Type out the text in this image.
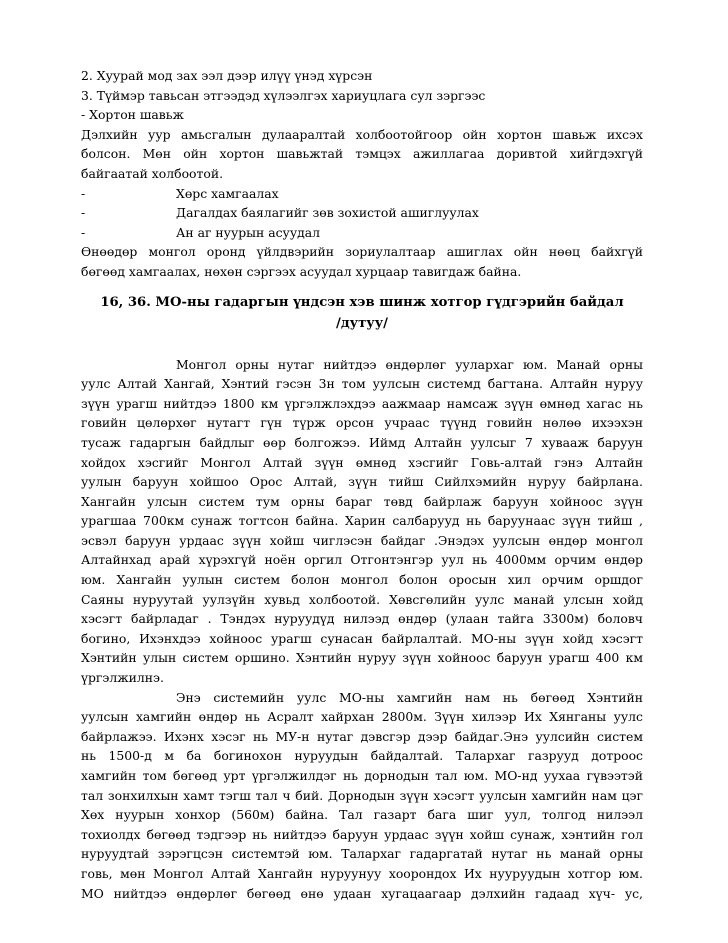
2. Хуурай мод зах ээл дээр илүү үнэд хүрсэн
3. Түймэр тавьсан этгээдэд хүлээлгэх хариуцлага сул зэргээс
- Хортон шавьж
Дэлхийн уур амьсгалын дулааралтай холбоотойгоор ойн хортон шавьж ихсэх
болсон. Мөн ойн хортон шавьжтай тэмцэх ажиллагаа доривтой хийгдэхгүй
байгаатай холбоотой.
-	Хөрс хамгаалах
-	Дагалдах баялагийг зөв зохистой ашиглуулах
-	Ан аг нуурын асуудал
Өнөөдөр монгол оронд үйлдвэрийн зориулалтаар ашиглах ойн нөөц байхгүй
бөгөөд хамгаалах, нөхөн сэргээх асуудал хурцаар тавигдаж байна.
16, 36. МО-ны гадаргын үндсэн хэв шинж хотгор гүдгэрийн байдал
/дутуу/
Монгол орны нутаг нийтдээ өндөрлөг уулархаг юм. Манай орны
уулс Алтай Хангай, Хэнтий гэсэн 3н том уулсын системд багтана. Алтайн нуруу
зүүн урагш нийтдээ 1800 км үргэлжлэхдээ аажмаар намсаж зүүн өмнөд хагас нь
говийн цөлөрхөг нутагт гүн түрж орсон учраас түүнд говийн нөлөө ихээхэн
тусаж гадаргын байдлыг өөр болгожээ. Иймд Алтайн уулсыг 7 хувааж баруун
хойдох хэсгийг Монгол Алтай зүүн өмнөд хэсгийг Говь-алтай гэнэ Алтайн
уулын баруун хойшоо Орос Алтай, зүүн тийш Сийлхэмийн нуруу байрлана.
Хангайн улсын систем тум орны бараг төвд байрлаж баруун хойноос зүүн
урагшаа 700км сунаж тогтсон байна. Харин салбарууд нь баруунаас зүүн тийш ,
эсвэл баруун урдаас зүүн хойш чиглэсэн байдаг .Энэдэх уулсын өндөр монгол
Алтайнхад арай хүрэхгүй ноён оргил Отгонтэнгэр уул нь 4000мм орчим өндөр
юм. Хангайн уулын систем болон монгол болон оросын хил орчим оршдог
Саяны нуруутай уулзүйн хувьд холбоотой. Хөвсгөлийн уулс манай улсын хойд
хэсэгт байрладаг . Тэндэх нуруудүд нилээд өндөр (улаан тайга 3300м) боловч
богино, Ихэнхдээ хойноос урагш сунасан байрлалтай. МО-ны зүүн хойд хэсэгт
Хэнтийн улын систем оршино. Хэнтийн нуруу зүүн хойноос баруун урагш 400 км
үргэлжилнэ.
Энэ системийн уулс МО-ны хамгийн нам нь бөгөөд Хэнтийн
уулсын хамгийн өндөр нь Асралт хайрхан 2800м. Зүүн хилээр Их Хянганы уулс
байрлажээ. Ихэнх хэсэг нь МУ-н нутаг дэвсгэр дээр байдаг.Энэ уулсийн систем
нь 1500-д м ба богинохон нуруудын байдалтай. Талархаг газрууд дотроос
хамгийн том бөгөөд урт үргэлжилдэг нь дорнодын тал юм. МО-нд уухаа гүвээтэй
тал зонхилхын хамт тэгш тал ч бий. Дорнодын зүүн хэсэгт уулсын хамгийн нам цэг
Хөх нуурын хонхор (560м) байна. Тал газарт бага шиг уул, толгод нилээл
тохиолдх бөгөөд тэдгээр нь нийтдээ баруун урдаас зүүн хойш сунаж, хэнтийн гол
нуруудтай зэрэгцсэн системтэй юм. Талархаг гадаргатай нутаг нь манай орны
говь, мөн Монгол Алтай Хангайн нуруунуу хоорондох Их нууруудын хотгор юм.
МО нийтдээ өндөрлөг бөгөөд өнө удаан хугацаагаар дэлхийн гадаад хүч- ус,
